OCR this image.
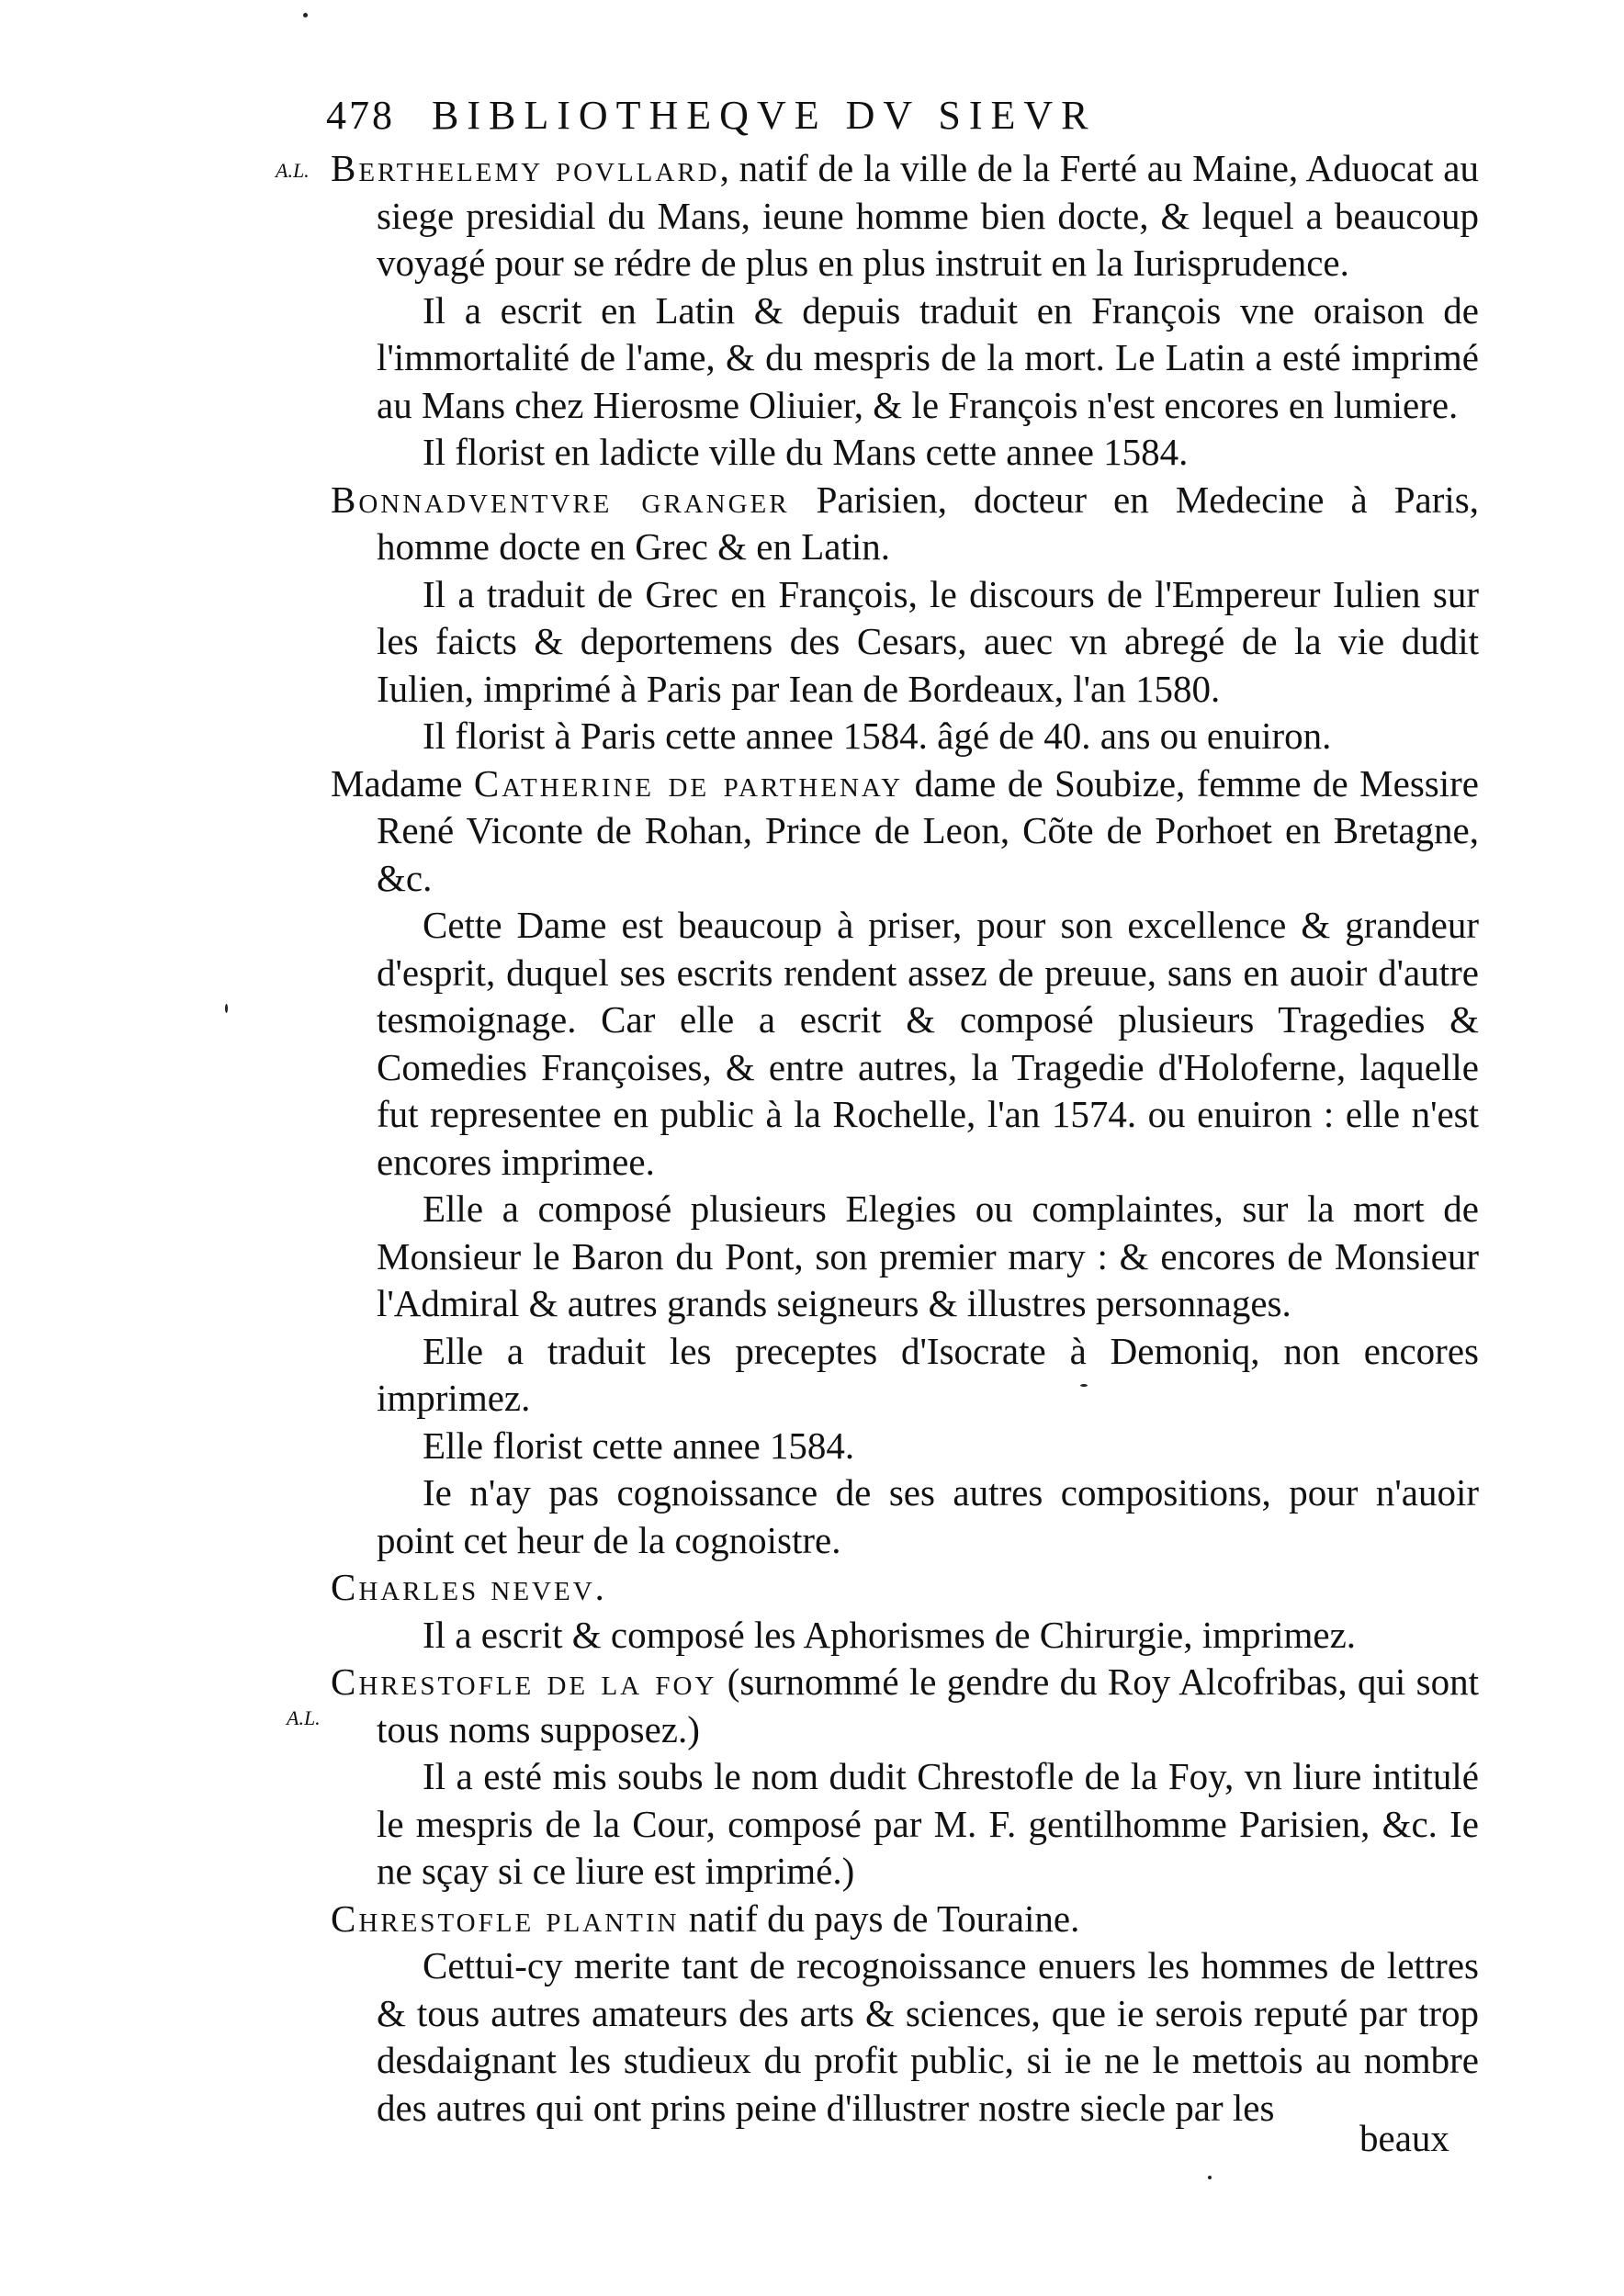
478 BIBLIOTHEQVE DV SIEVR
A.L.
A.L.
Berthelemy povllard, natif de la ville de la Ferté au Maine, Aduocat au siege presidial du Mans, ieune homme bien docte, & lequel a beaucoup voyagé pour se rédre de plus en plus instruit en la Iurisprudence.
Il a escrit en Latin & depuis traduit en François vne oraison de l'immortalité de l'ame, & du mespris de la mort. Le Latin a esté imprimé au Mans chez Hierosme Oliuier, & le François n'est encores en lumiere.
Il florist en ladicte ville du Mans cette annee 1584.
Bonnadventvre granger Parisien, docteur en Medecine à Paris, homme docte en Grec & en Latin.
Il a traduit de Grec en François, le discours de l'Empereur Iulien sur les faicts & deportemens des Cesars, auec vn abregé de la vie dudit Iulien, imprimé à Paris par Iean de Bordeaux, l'an 1580.
Il florist à Paris cette annee 1584. âgé de 40. ans ou enuiron.
Madame Catherine de parthenay dame de Soubize, femme de Messire René Viconte de Rohan, Prince de Leon, Cõte de Porhoet en Bretagne, &c.
Cette Dame est beaucoup à priser, pour son excellence & grandeur d'esprit, duquel ses escrits rendent assez de preuue, sans en auoir d'autre tesmoignage. Car elle a escrit & composé plusieurs Tragedies & Comedies Françoises, & entre autres, la Tragedie d'Holoferne, laquelle fut representee en public à la Rochelle, l'an 1574. ou enuiron : elle n'est encores imprimee.
Elle a composé plusieurs Elegies ou complaintes, sur la mort de Monsieur le Baron du Pont, son premier mary : & encores de Monsieur l'Admiral & autres grands seigneurs & illustres personnages.
Elle a traduit les preceptes d'Isocrate à Demoniq, non encores imprimez.
Elle florist cette annee 1584.
Ie n'ay pas cognoissance de ses autres compositions, pour n'auoir point cet heur de la cognoistre.
Charles nevev.
Il a escrit & composé les Aphorismes de Chirurgie, imprimez.
Chrestofle de la foy (surnommé le gendre du Roy Alcofribas, qui sont tous noms supposez.)
Il a esté mis soubs le nom dudit Chrestofle de la Foy, vn liure intitulé le mespris de la Cour, composé par M. F. gentilhomme Parisien, &c. Ie ne sçay si ce liure est imprimé.)
Chrestofle plantin natif du pays de Touraine.
Cettui-cy merite tant de recognoissance enuers les hommes de lettres & tous autres amateurs des arts & sciences, que ie serois reputé par trop desdaignant les studieux du profit public, si ie ne le mettois au nombre des autres qui ont prins peine d'illustrer nostre siecle par les
beaux
